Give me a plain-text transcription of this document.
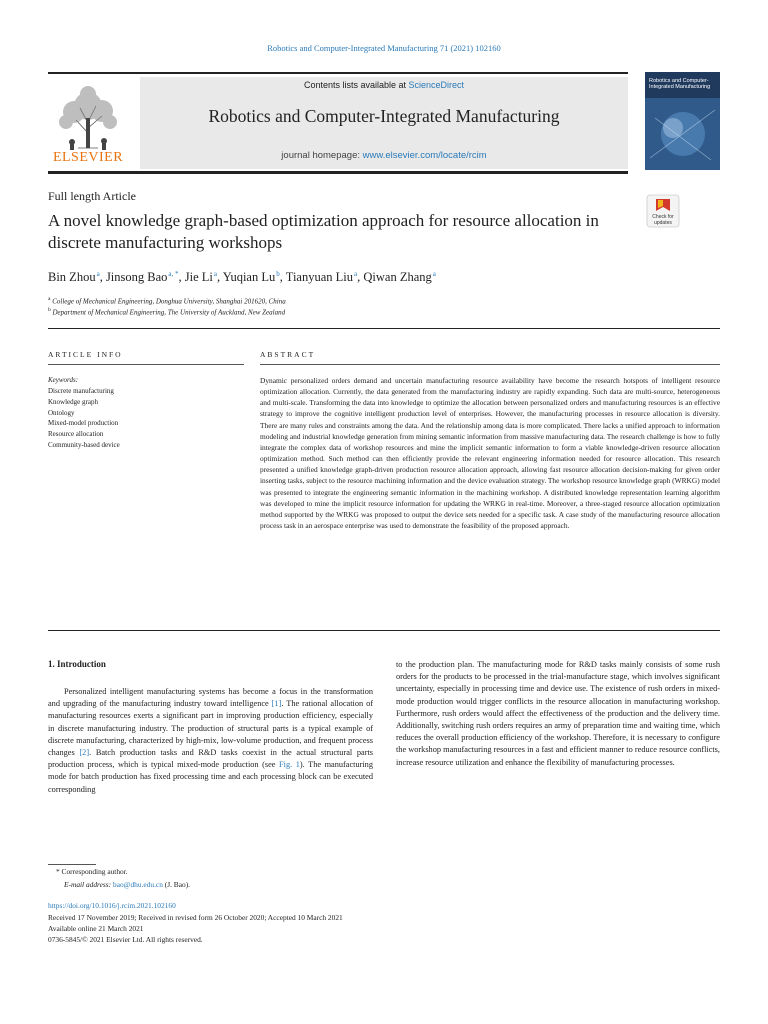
Robotics and Computer-Integrated Manufacturing 71 (2021) 102160
ELSEVIER
Contents lists available at ScienceDirect
Robotics and Computer-Integrated Manufacturing
journal homepage: www.elsevier.com/locate/rcim
Robotics and Computer-Integrated Manufacturing
Full length Article
A novel knowledge graph-based optimization approach for resource allocation in discrete manufacturing workshops
Check for updates
Bin Zhou$^a$, Jinsong Bao$^{a, *}$, Jie Li$^a$, Yuqian Lu$^b$, Tianyuan Liu$^a$, Qiwan Zhang$^a$
$^a$ College of Mechanical Engineering, Donghua University, Shanghai 201620, China
$^b$ Department of Mechanical Engineering, The University of Auckland, New Zealand
ARTICLE INFO
Keywords:
Discrete manufacturing
Knowledge graph
Ontology
Mixed-model production
Resource allocation
Community-based device
ABSTRACT
Dynamic personalized orders demand and uncertain manufacturing resource availability have become the research hotspots of intelligent resource optimization allocation. Currently, the data generated from the manufacturing industry are rapidly expanding. Such data are multi-source, heterogeneous and multi-scale. Transforming the data into knowledge to optimize the allocation between personalized orders and manufacturing resources is an effective strategy to improve the cognitive intelligent production level of enterprises. However, the manufacturing processes in resource allocation is diversity. There are many rules and constraints among the data. And the relationship among data is more complicated. There lacks a unified approach to information modeling and industrial knowledge generation from mining semantic information from massive manufacturing data. The research challenge is how to fully integrate the complex data of workshop resources and mine the implicit semantic information to form a viable knowledge-driven resource allocation optimization method. Such method can then efficiently provide the relevant engineering information needed for resource allocation. This research presented a unified knowledge graph-driven production resource allocation approach, allowing fast resource allocation decision-making for given order inserting tasks, subject to the resource machining information and the device evaluation strategy. The workshop resource knowledge graph (WRKG) model was presented to integrate the engineering semantic information in the machining workshop. A distributed knowledge representation learning algorithm was developed to mine the implicit resource information for updating the WRKG in real-time. Moreover, a three-staged resource allocation optimization method supported by the WRKG was proposed to output the device sets needed for a specific task. A case study of the manufacturing resource allocation process task in an aerospace enterprise was used to demonstrate the feasibility of the proposed approach.
1. Introduction

Personalized intelligent manufacturing systems has become a focus in the transformation and upgrading of the manufacturing industry toward intelligence [1]. The rational allocation of manufacturing resources exerts a significant part in improving production efficiency, especially in discrete manufacturing industry. The production of structural parts is a typical example of discrete manufacturing, characterized by high-mix, low-volume production, and frequent process changes [2]. Batch production tasks and R&D tasks coexist in the actual structural parts production process, which is typical mixed-mode production (see Fig. 1). The manufacturing mode for batch production has fixed processing time and each processing block can be executed corresponding

to the production plan. The manufacturing mode for R&D tasks mainly consists of some rush orders for the products to be processed in the trial-manufacture stage, which involves significant uncertainty, especially in processing time and device use. The existence of rush orders in mixed-mode production would trigger conflicts in the resource allocation in manufacturing workshop. Furthermore, rush orders would affect the effectiveness of the production and the delivery time. Additionally, switching rush orders requires an army of preparation time and waiting time, which reduces the overall production efficiency of the workshop. Therefore, it is necessary to configure the workshop manufacturing resources in a fast and efficient manner to reduce resource conflicts, increase resource utilization and enhance the flexibility of manufacturing processes.

* Corresponding author.
E-mail address: bao@dhu.edu.cn (J. Bao).
https://doi.org/10.1016/j.rcim.2021.102160
Received 17 November 2019; Received in revised form 26 October 2020; Accepted 10 March 2021
Available online 21 March 2021
0736-5845/© 2021 Elsevier Ltd. All rights reserved.
